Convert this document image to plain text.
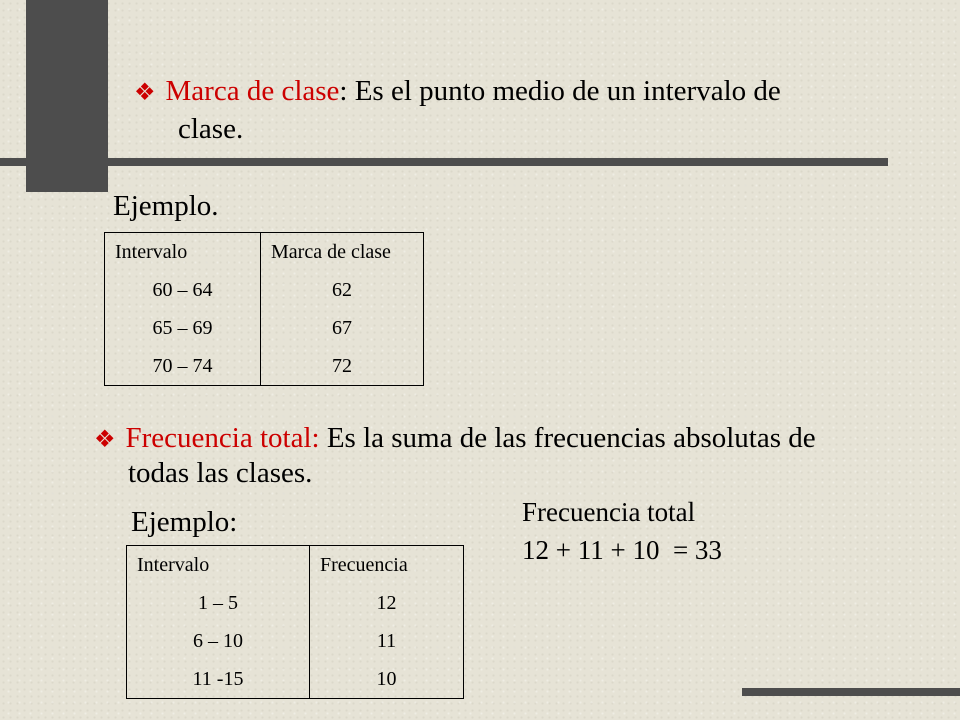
❖ Marca de clase: Es el punto medio de un intervalo de
clase.
Ejemplo.
Intervalo	Marca de clase
60 – 64	62
65 – 69	67
70 – 74	72
❖ Frecuencia total: Es la suma de las frecuencias absolutas de
todas las clases.
Ejemplo:
Intervalo	Frecuencia
1 – 5	12
6 – 10	11
11 -15	10
Frecuencia total
12 + 11 + 10  = 33
